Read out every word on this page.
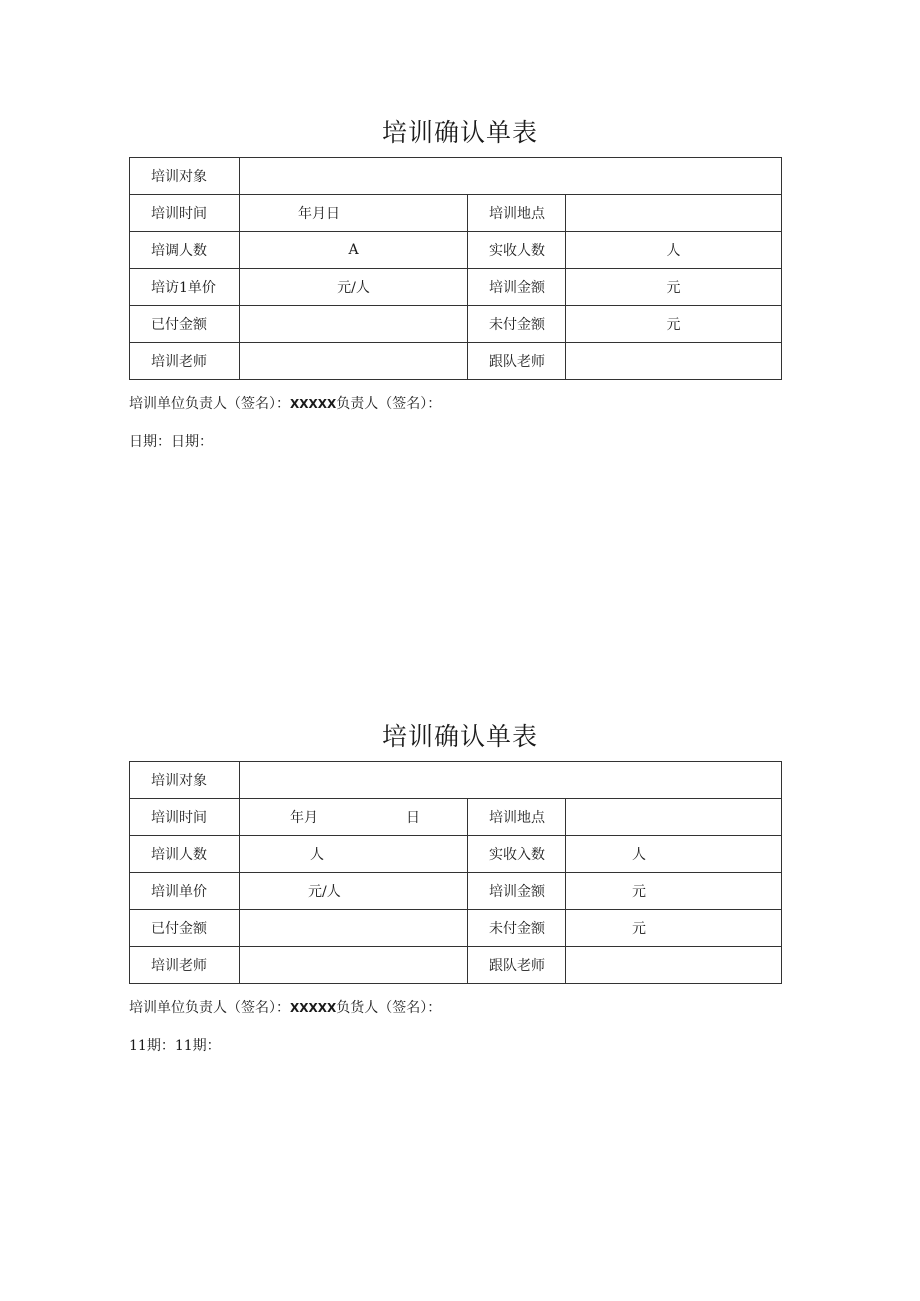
培训确认单表
培训对象			
培训时间	年月日	培训地点	
培调人数	A	实收人数	人
培访1单价	元/人	培训金额	元
已付金额		未付金额	元
培训老师		跟队老师	
培训单位负责人（签名）：XXXXX负责人（签名）：
日期：日期：
培训确认单表
培训对象			
培训时间	年月 日	培训地点	
培训人数	人	实收入数	人
培训单价	元/人	培训金额	元
已付金额		未付金额	元
培训老师		跟队老师	
培训单位负责人（签名）：XXXXX负货人（签名）：
11期：11期：
